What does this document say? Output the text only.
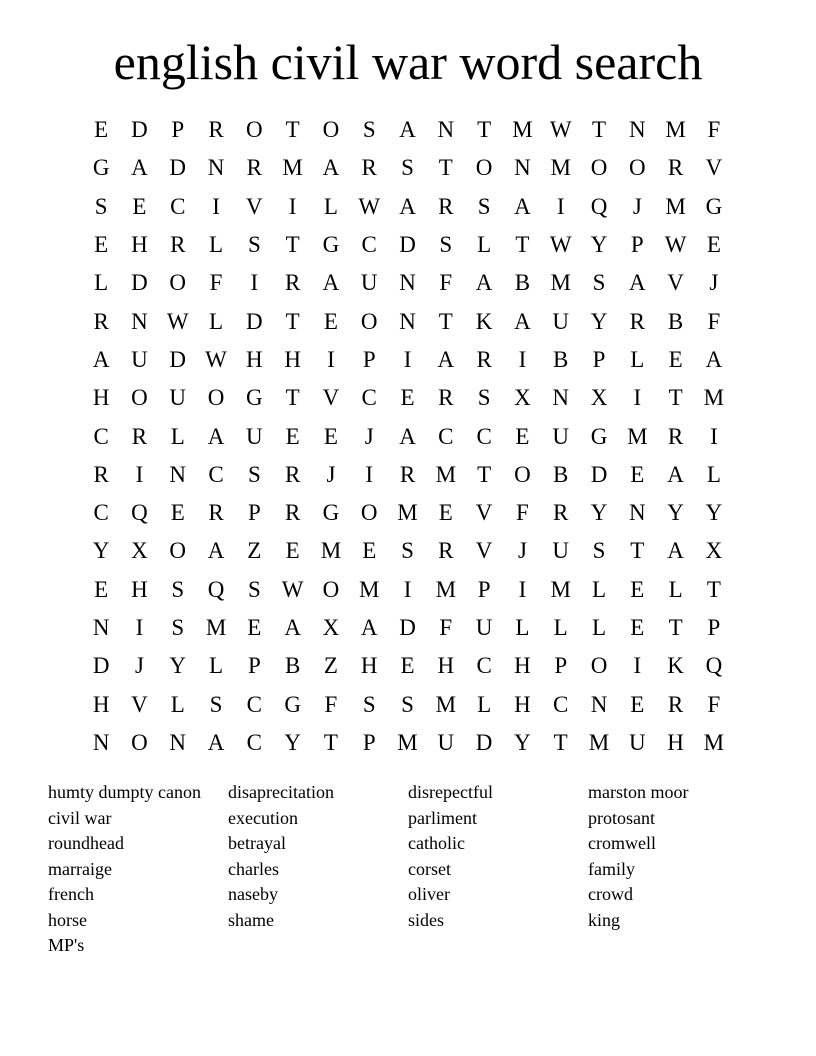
english civil war word search
E D	P	R O T O	S	A N T M W T N M F
G A D N R M A R	S	T O N M O O R V
S	E	C	I	V	I	L W A R	S	A	I	Q	J	M G
E H R	L	S	T G C D	S	L	T W Y	P W E
L D O	F	I	R A U N	F	A B M S	A V	J
R N W L D T	E O N T K A U Y R B	F
A U D W H H	I	P	I	A R	I	B	P	L	E A
H O U O G T V C	E	R	S	X N X	I	T M
C R	L A U E	E	J	A C C	E U G M R	I
R	I	N C	S	R	J	I	R M T O B D E A L
C Q E	R	P	R G O M E V	F	R Y N Y Y
Y X O A Z	E M E	S	R V	J	U	S	T A X
E H	S	Q	S W O M	I	M P	I	M L	E	L	T
N	I	S M E A X A D	F	U L	L	L	E	T	P
D	J	Y L	P	B	Z H E H C H	P	O	I	K Q
H V L	S	C G	F	S	S M L H C N E	R	F
N O N A C Y T	P M U D Y T M U H M
humty dumpty canon
civil war
roundhead
marraige
french
horse
MP's
disaprecitation
execution
betrayal
charles
naseby
shame
disrepectful
parliment
catholic
corset
oliver
sides
marston moor
protosant
cromwell
family
crowd
king
